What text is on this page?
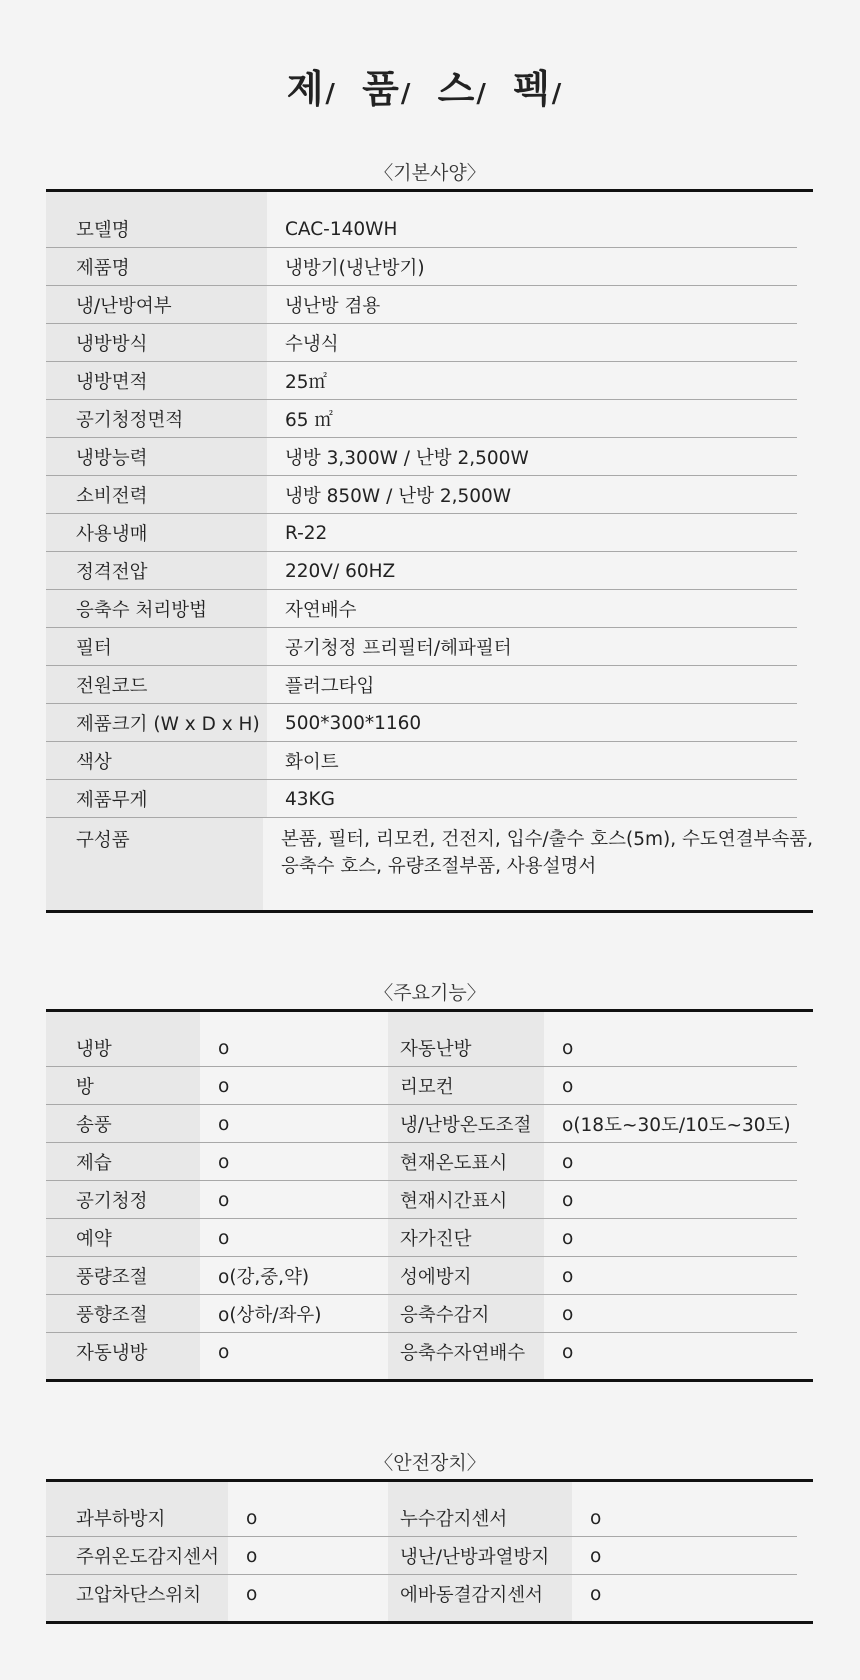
제/ 품/ 스/ 펙/
〈기본사양〉
모델명	CAC-140WH
제품명	냉방기(냉난방기)
냉/난방여부	냉난방 겸용
냉방방식	수냉식
냉방면적	25㎡
공기청정면적	65 ㎡
냉방능력	냉방 3,300W / 난방 2,500W
소비전력	냉방 850W / 난방 2,500W
사용냉매	R-22
정격전압	220V/ 60HZ
응축수 처리방법	자연배수
필터	공기청정 프리필터/헤파필터
전원코드	플러그타입
제품크기 (W x D x H)	500*300*1160
색상	화이트
제품무게	43KG
구성품	본품, 필터, 리모컨, 건전지, 입수/출수 호스(5m), 수도연결부속품,
응축수 호스, 유량조절부품, 사용설명서
〈주요기능〉
냉방	o	자동난방	o
방	o	리모컨	o
송풍	o	냉/난방온도조절	o(18도~30도/10도~30도)
제습	o	현재온도표시	o
공기청정	o	현재시간표시	o
예약	o	자가진단	o
풍량조절	o(강,중,약)	성에방지	o
풍향조절	o(상하/좌우)	응축수감지	o
자동냉방	o	응축수자연배수	o
〈안전장치〉
과부하방지	o	누수감지센서	o
주위온도감지센서	o	냉난/난방과열방지	o
고압차단스위치	o	에바동결감지센서	o
